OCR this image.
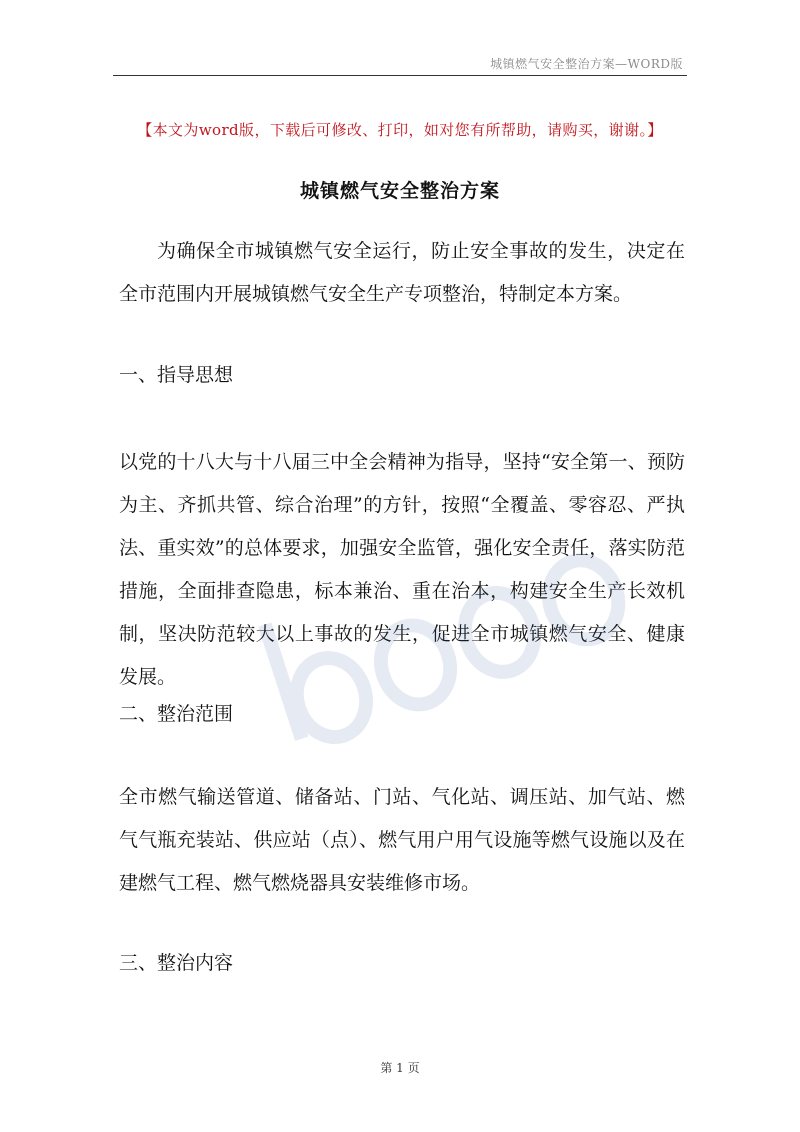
城镇燃气安全整治方案—WORD版
【本文为word版，下载后可修改、打印，如对您有所帮助，请购买，谢谢。】
城镇燃气安全整治方案

为确保全市城镇燃气安全运行，防止安全事故的发生，决定在全市范围内开展城镇燃气安全生产专项整治，特制定本方案。

一、指导思想

以党的十八大与十八届三中全会精神为指导，坚持“安全第一、预防为主、齐抓共管、综合治理”的方针，按照“全覆盖、零容忍、严执法、重实效”的总体要求，加强安全监管，强化安全责任，落实防范措施，全面排查隐患，标本兼治、重在治本，构建安全生产长效机制，坚决防范较大以上事故的发生，促进全市城镇燃气安全、健康发展。

二、整治范围

全市燃气输送管道、储备站、门站、气化站、调压站、加气站、燃气气瓶充装站、供应站（点）、燃气用户用气设施等燃气设施以及在建燃气工程、燃气燃烧器具安装维修市场。

三、整治内容

第 1 页
